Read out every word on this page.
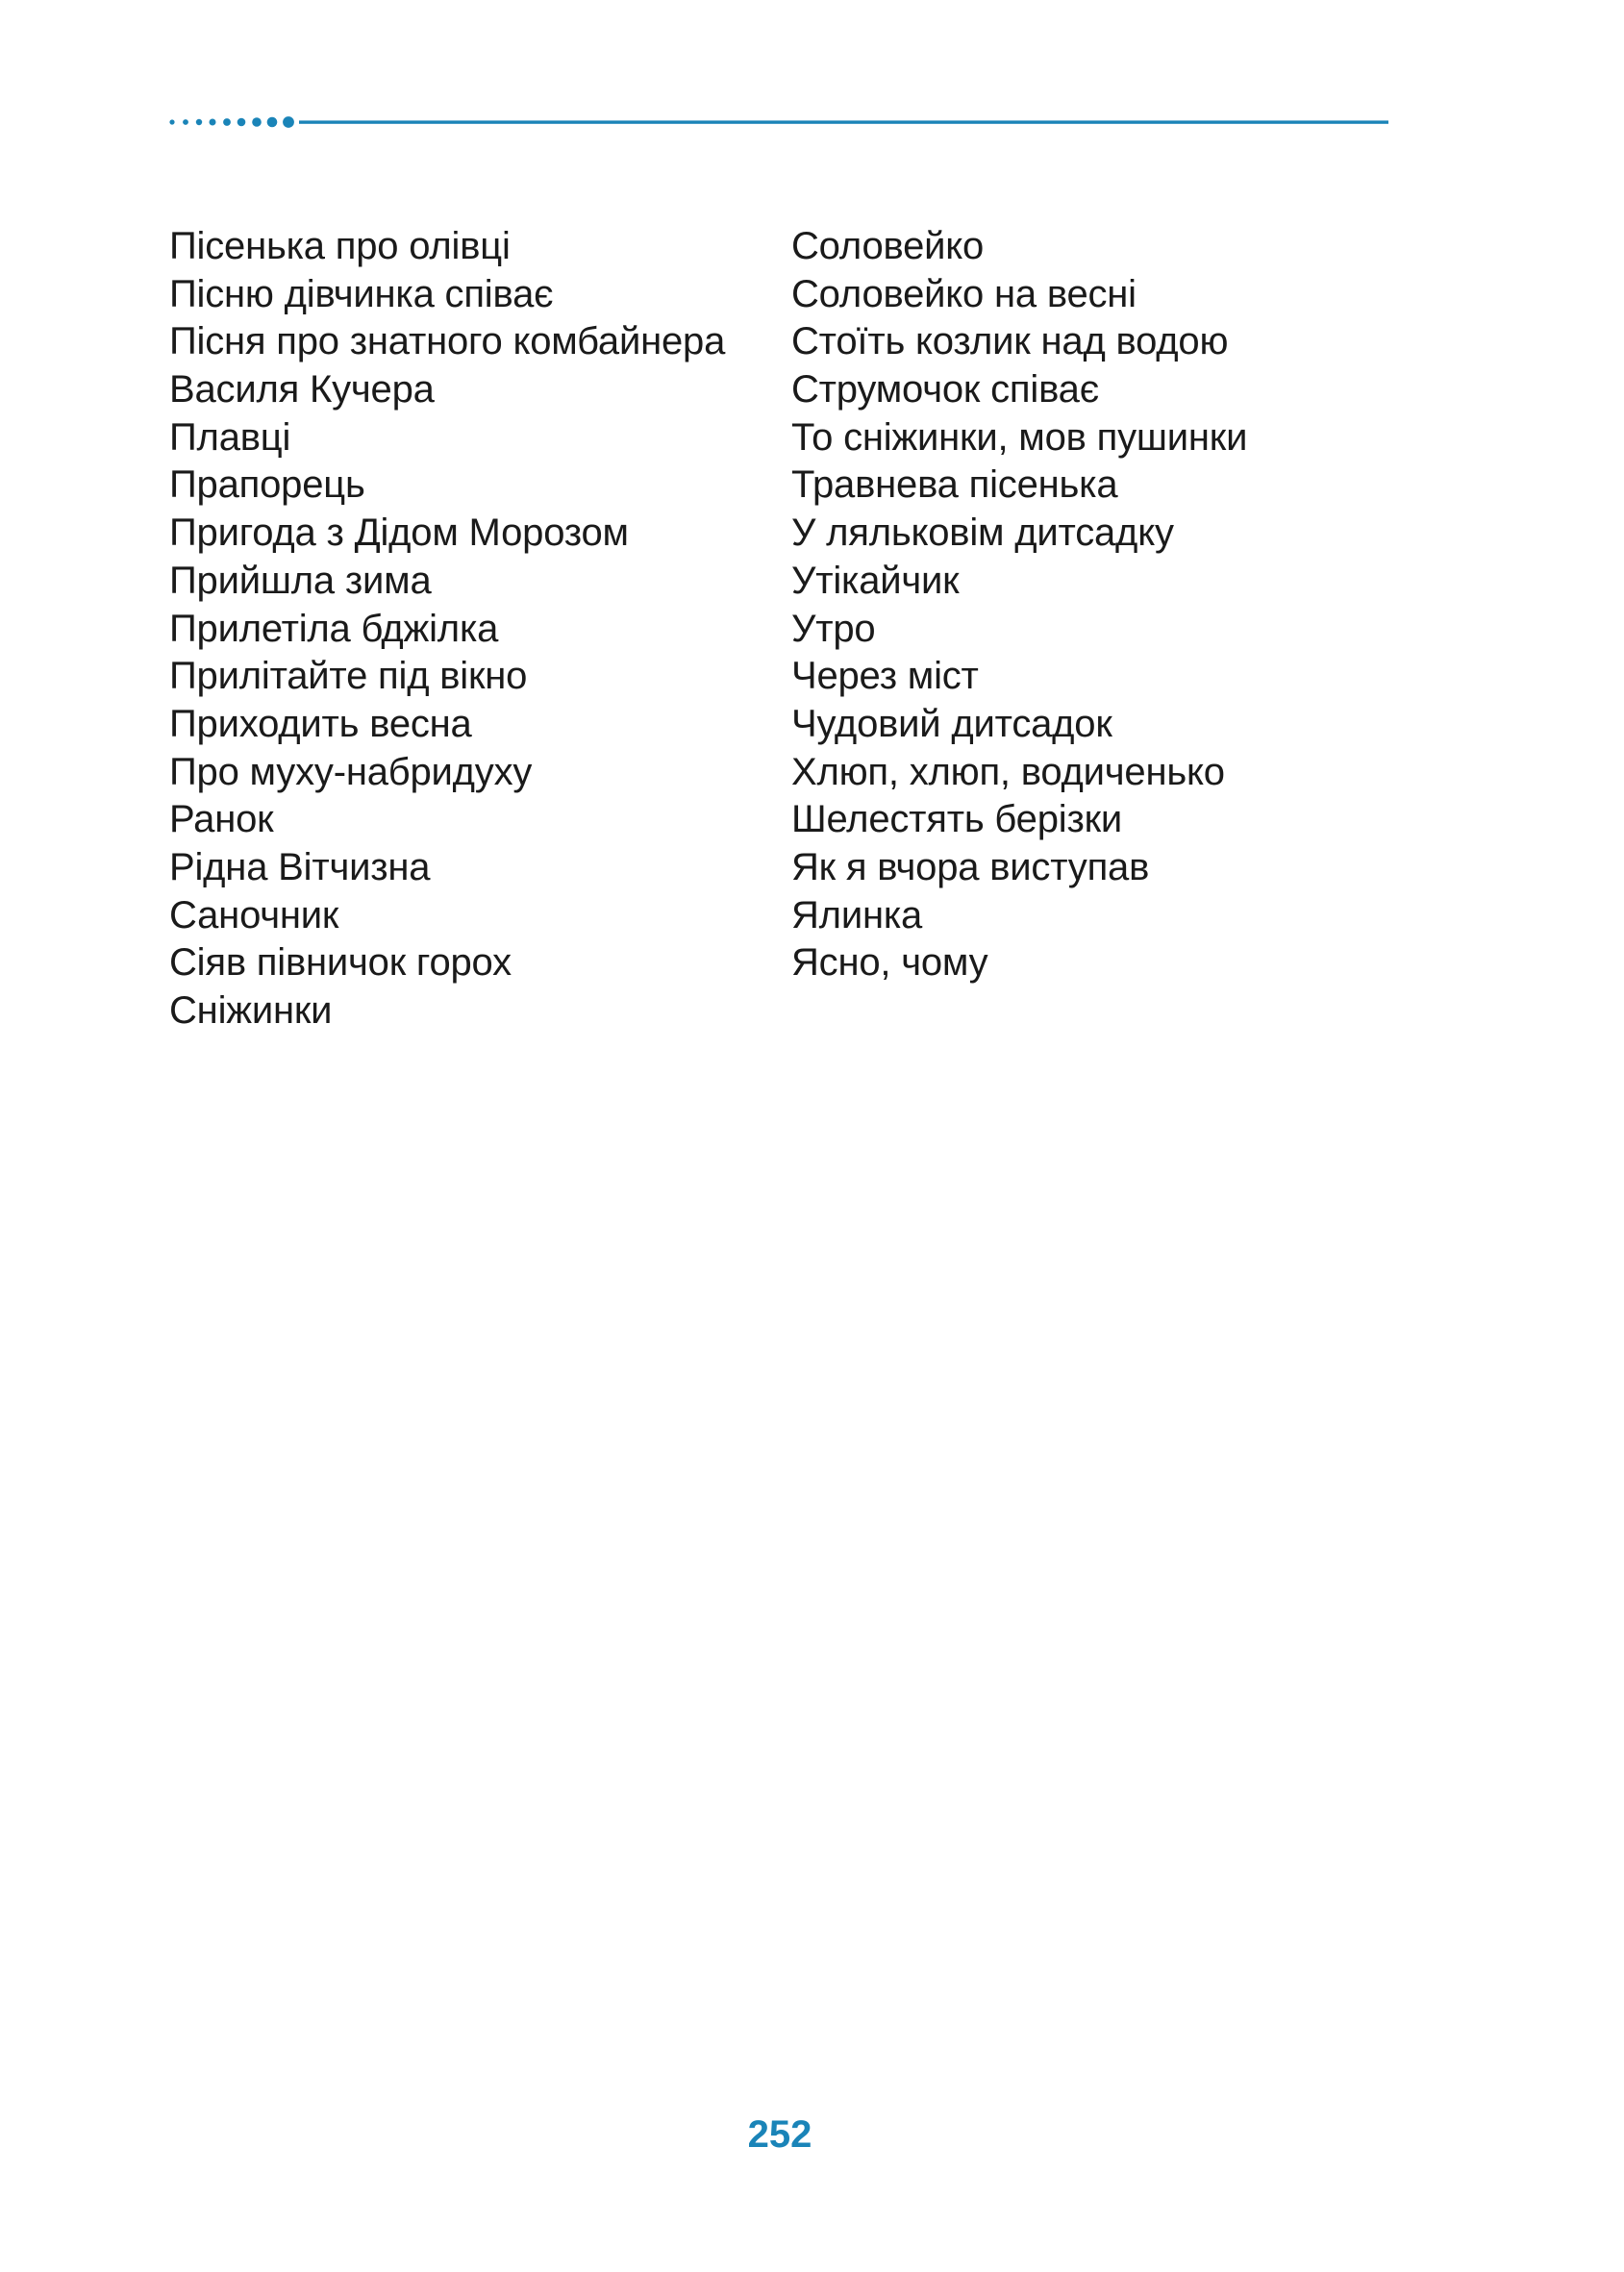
Пісенька про олівці
Пісню дівчинка співає
Пісня про знатного комбайнера
Василя Кучера
Плавці
Прапорець
Пригода з Дідом Морозом
Прийшла зима
Прилетіла бджілка
Прилітайте під вікно
Приходить весна
Про муху-набридуху
Ранок
Рідна Вітчизна
Саночник
Сіяв півничок горох
Сніжинки
Соловейко
Соловейко на весні
Стоїть козлик над водою
Струмочок співає
То сніжинки, мов пушинки
Травнева пісенька
У ляльковім дитсадку
Утікайчик
Утро
Через міст
Чудовий дитсадок
Хлюп, хлюп, водиченько
Шелестять берізки
Як я вчора виступав
Ялинка
Ясно, чому
252
